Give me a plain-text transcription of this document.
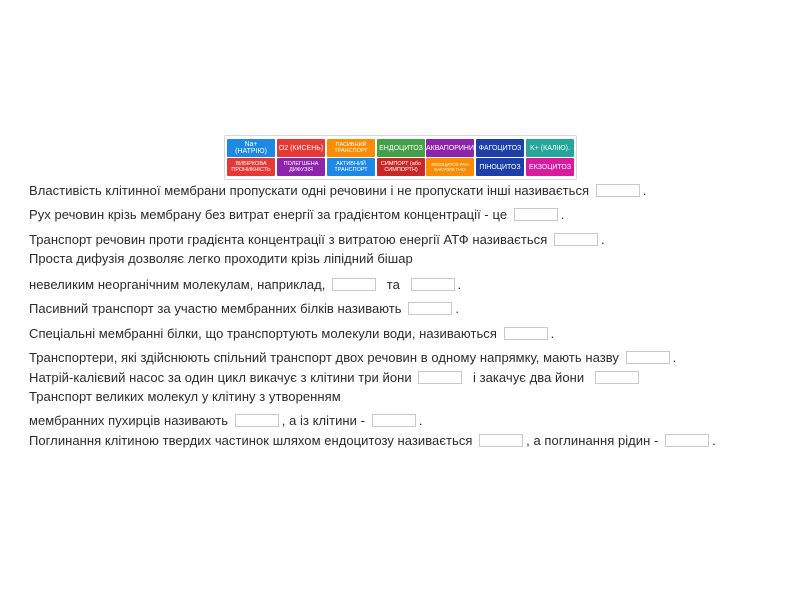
Na+ (НАТРІЮ)	O2 (КИСЕНЬ)	ПАСИВНИЙ ТРАНСПОРТ	ЕНДОЦИТОЗ АКВАПОРИНИ ФАГОЦИТОЗ	K+ (КАЛІЮ).
ВИБІРКОВА ПРОНИКНІСТЬ
ПОЛЕГШЕНА ДИФУЗІЯ
АКТИВНИЙ ТРАНСПОРТ
СИМПОРТ (або СИМПОРТН)
ЕКЗОЦИТОЗ РАН ВАКУОЛЕ ПАО	ПІНОЦИТОЗ	ЕКЗОЦИТОЗ
Властивість клітинної мембрани пропускати одні речовини і не пропускати інші називається	.
Рух речовин крізь мембрану без витрат енергії за градієнтом концентрації - це	.
Транспорт речовин проти градієнта концентрації з витратою енергії АТФ називається	.
Проста дифузія дозволяє легко проходити крізь ліпідний бішар
невеликим неорганічним молекулам, наприклад,	та	.
Пасивний транспорт за участю мембранних білків називають	.
Спеціальні мембранні білки, що транспортують молекули води, називаються	.
Транспортери, які здійснюють спільний транспорт двох речовин в одному напрямку, мають назву	.
Натрій-калієвий насос за один цикл викачує з клітини три йони	і закачує два йони
Транспорт великих молекул у клітину з утворенням
мембранних пухирців називають	, а із клітини -	.
Поглинання клітиною твердих частинок шляхом ендоцитозу називається	, а поглинання рідин -	.
